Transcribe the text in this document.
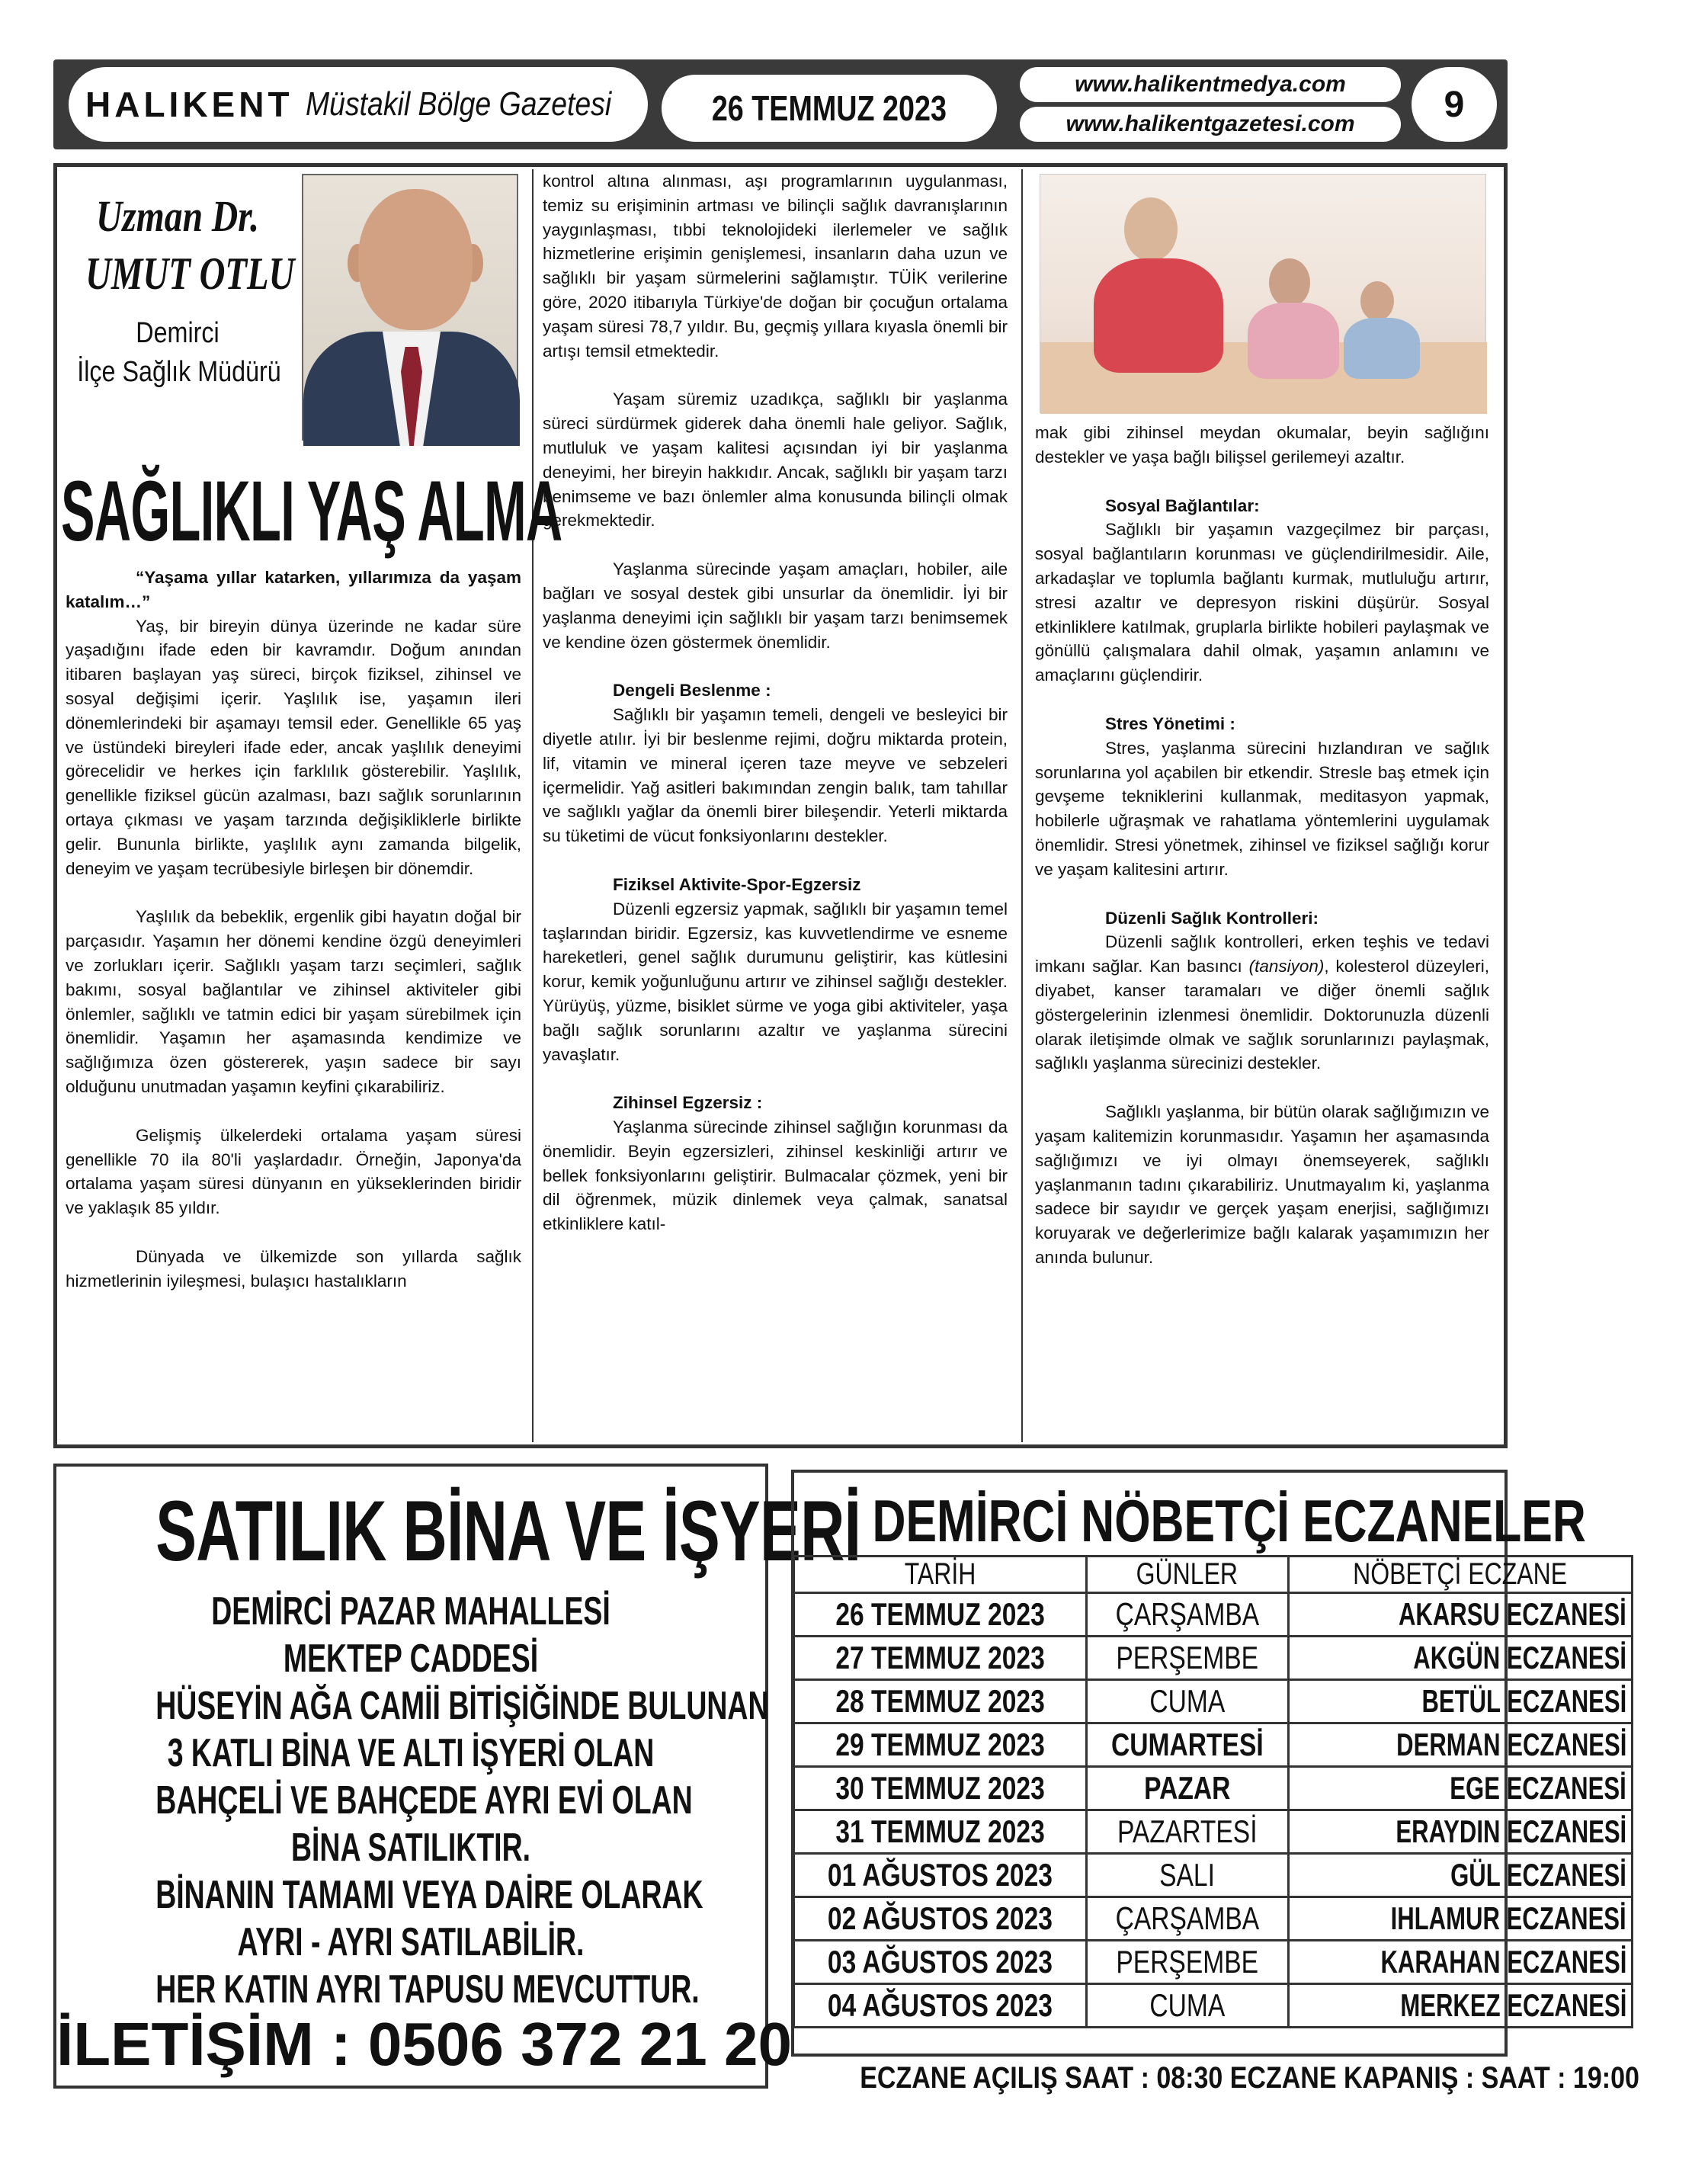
HALIKENT Müstakil Bölge Gazetesi	26 TEMMUZ 2023
www.halikentmedya.com
www.halikentgazetesi.com	9
Uzman Dr.
UMUT OTLU
Demirci
İlçe Sağlık Müdürü
SAĞLIKLI YAŞ ALMA

“Yaşama yıllar katarken, yıllarımıza da yaşam katalım…”

Yaş, bir bireyin dünya üzerinde ne kadar süre yaşadığını ifade eden bir kavramdır. Doğum anından itibaren başlayan yaş süreci, birçok fiziksel, zihinsel ve sosyal değişimi içerir. Yaşlılık ise, yaşamın ileri dönemlerindeki bir aşamayı temsil eder. Genellikle 65 yaş ve üstündeki bireyleri ifade eder, ancak yaşlılık deneyimi görecelidir ve herkes için farklılık gösterebilir. Yaşlılık, genellikle fiziksel gücün azalması, bazı sağlık sorunlarının ortaya çıkması ve yaşam tarzında değişikliklerle birlikte gelir. Bununla birlikte, yaşlılık aynı zamanda bilgelik, deneyim ve yaşam tecrübesiyle birleşen bir dönemdir.

Yaşlılık da bebeklik, ergenlik gibi hayatın doğal bir parçasıdır. Yaşamın her dönemi kendine özgü deneyimleri ve zorlukları içerir. Sağlıklı yaşam tarzı seçimleri, sağlık bakımı, sosyal bağlantılar ve zihinsel aktiviteler gibi önlemler, sağlıklı ve tatmin edici bir yaşam sürebilmek için önemlidir. Yaşamın her aşamasında kendimize ve sağlığımıza özen göstererek, yaşın sadece bir sayı olduğunu unutmadan yaşamın keyfini çıkarabiliriz.

Gelişmiş ülkelerdeki ortalama yaşam süresi genellikle 70 ila 80'li yaşlardadır. Örneğin, Japonya'da ortalama yaşam süresi dünyanın en yükseklerinden biridir ve yaklaşık 85 yıldır.

Dünyada ve ülkemizde son yıllarda sağlık hizmetlerinin iyileşmesi, bulaşıcı hastalıkların

kontrol altına alınması, aşı programlarının uygulanması, temiz su erişiminin artması ve bilinçli sağlık davranışlarının yaygınlaşması, tıbbi teknolojideki ilerlemeler ve sağlık hizmetlerine erişimin genişlemesi, insanların daha uzun ve sağlıklı bir yaşam sürmelerini sağlamıştır. TÜİK verilerine göre, 2020 itibarıyla Türkiye'de doğan bir çocuğun ortalama yaşam süresi 78,7 yıldır. Bu, geçmiş yıllara kıyasla önemli bir artışı temsil etmektedir.

Yaşam süremiz uzadıkça, sağlıklı bir yaşlanma süreci sürdürmek giderek daha önemli hale geliyor. Sağlık, mutluluk ve yaşam kalitesi açısından iyi bir yaşlanma deneyimi, her bireyin hakkıdır. Ancak, sağlıklı bir yaşam tarzı benimseme ve bazı önlemler alma konusunda bilinçli olmak gerekmektedir.

Yaşlanma sürecinde yaşam amaçları, hobiler, aile bağları ve sosyal destek gibi unsurlar da önemlidir. İyi bir yaşlanma deneyimi için sağlıklı bir yaşam tarzı benimsemek ve kendine özen göstermek önemlidir.

Dengeli Beslenme :

Sağlıklı bir yaşamın temeli, dengeli ve besleyici bir diyetle atılır. İyi bir beslenme rejimi, doğru miktarda protein, lif, vitamin ve mineral içeren taze meyve ve sebzeleri içermelidir. Yağ asitleri bakımından zengin balık, tam tahıllar ve sağlıklı yağlar da önemli birer bileşendir. Yeterli miktarda su tüketimi de vücut fonksiyonlarını destekler.

Fiziksel Aktivite-Spor-Egzersiz

Düzenli egzersiz yapmak, sağlıklı bir yaşamın temel taşlarından biridir. Egzersiz, kas kuvvetlendirme ve esneme hareketleri, genel sağlık durumunu geliştirir, kas kütlesini korur, kemik yoğunluğunu artırır ve zihinsel sağlığı destekler. Yürüyüş, yüzme, bisiklet sürme ve yoga gibi aktiviteler, yaşa bağlı sağlık sorunlarını azaltır ve yaşlanma sürecini yavaşlatır.

Zihinsel Egzersiz :

Yaşlanma sürecinde zihinsel sağlığın korunması da önemlidir. Beyin egzersizleri, zihinsel keskinliği artırır ve bellek fonksiyonlarını geliştirir. Bulmacalar çözmek, yeni bir dil öğrenmek, müzik dinlemek veya çalmak, sanatsal etkinliklere katıl-

mak gibi zihinsel meydan okumalar, beyin sağlığını destekler ve yaşa bağlı bilişsel gerilemeyi azaltır.

Sosyal Bağlantılar:

Sağlıklı bir yaşamın vazgeçilmez bir parçası, sosyal bağlantıların korunması ve güçlendirilmesidir. Aile, arkadaşlar ve toplumla bağlantı kurmak, mutluluğu artırır, stresi azaltır ve depresyon riskini düşürür. Sosyal etkinliklere katılmak, gruplarla birlikte hobileri paylaşmak ve gönüllü çalışmalara dahil olmak, yaşamın anlamını ve amaçlarını güçlendirir.

Stres Yönetimi :

Stres, yaşlanma sürecini hızlandıran ve sağlık sorunlarına yol açabilen bir etkendir. Stresle baş etmek için gevşeme tekniklerini kullanmak, meditasyon yapmak, hobilerle uğraşmak ve rahatlama yöntemlerini uygulamak önemlidir. Stresi yönetmek, zihinsel ve fiziksel sağlığı korur ve yaşam kalitesini artırır.

Düzenli Sağlık Kontrolleri:

Düzenli sağlık kontrolleri, erken teşhis ve tedavi imkanı sağlar. Kan basıncı (tansiyon), kolesterol düzeyleri, diyabet, kanser taramaları ve diğer önemli sağlık göstergelerinin izlenmesi önemlidir. Doktorunuzla düzenli olarak iletişimde olmak ve sağlık sorunlarınızı paylaşmak, sağlıklı yaşlanma sürecinizi destekler.

Sağlıklı yaşlanma, bir bütün olarak sağlığımızın ve yaşam kalitemizin korunmasıdır. Yaşamın her aşamasında sağlığımızı ve iyi olmayı önemseyerek, sağlıklı yaşlanmanın tadını çıkarabiliriz. Unutmayalım ki, yaşlanma sadece bir sayıdır ve gerçek yaşam enerjisi, sağlığımızı koruyarak ve değerlerimize bağlı kalarak yaşamımızın her anında bulunur.

SATILIK BİNA VE İŞYERİ
DEMİRCİ PAZAR MAHALLESİ
MEKTEP CADDESİ
HÜSEYİN AĞA CAMİİ BİTİŞİĞİNDE BULUNAN
3 KATLI BİNA VE ALTI İŞYERİ OLAN
BAHÇELİ VE BAHÇEDE AYRI EVİ OLAN
BİNA SATILIKTIR.
BİNANIN TAMAMI VEYA DAİRE OLARAK
AYRI - AYRI SATILABİLİR.
HER KATIN AYRI TAPUSU MEVCUTTUR.
İLETİŞİM : 0506 372 21 20
DEMİRCİ NÖBETÇİ ECZANELER
TARİH	GÜNLER	NÖBETÇİ ECZANE
26 TEMMUZ 2023	ÇARŞAMBA	AKARSU ECZANESİ
27 TEMMUZ 2023	PERŞEMBE	AKGÜN ECZANESİ
28 TEMMUZ 2023	CUMA	BETÜL ECZANESİ
29 TEMMUZ 2023	CUMARTESİ	DERMAN ECZANESİ
30 TEMMUZ 2023	PAZAR	EGE ECZANESİ
31 TEMMUZ 2023	PAZARTESİ	ERAYDIN ECZANESİ
01 AĞUSTOS 2023	SALI	GÜL ECZANESİ
02 AĞUSTOS 2023	ÇARŞAMBA	IHLAMUR ECZANESİ
03 AĞUSTOS 2023	PERŞEMBE	KARAHAN ECZANESİ
04 AĞUSTOS 2023	CUMA	MERKEZ ECZANESİ
ECZANE AÇILIŞ SAAT : 08:30 ECZANE KAPANIŞ : SAAT : 19:00
